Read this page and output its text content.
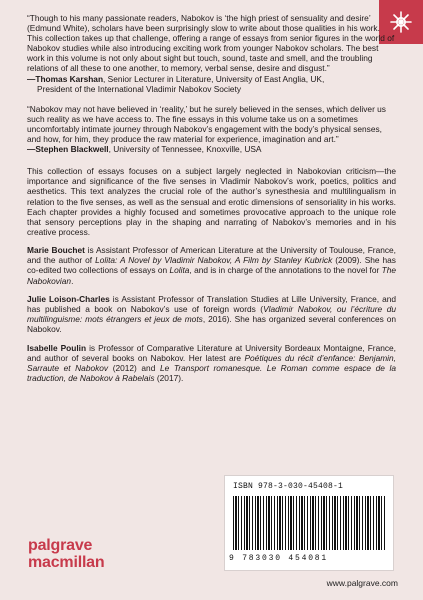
“Though to his many passionate readers, Nabokov is ‘the high priest of sensuality and desire’ (Edmund White), scholars have been surprisingly slow to write about those qualities in his work. This collection takes up that challenge, offering a range of essays from senior figures in the world of Nabokov studies while also introducing exciting work from younger Nabokov scholars. The best work in this volume is not only about sight but touch, sound, taste and smell, and the troubling relations of all these to one another, to memory, verbal sense, desire and disgust.”

—Thomas Karshan, Senior Lecturer in Literature, University of East Anglia, UK,
President of the International Vladimir Nabokov Society

“Nabokov may not have believed in ‘reality,’ but he surely believed in the senses, which deliver us such reality as we have access to. The fine essays in this volume take us on a sometimes uncomfortably intimate journey through Nabokov’s engagement with the body’s physical senses, and how, for him, they produce the raw material for experience, imagination and art.”

—Stephen Blackwell, University of Tennessee, Knoxville, USA

This collection of essays focuses on a subject largely neglected in Nabokovian criticism—the importance and significance of the five senses in Vladimir Nabokov’s work, poetics, politics and aesthetics. This text analyzes the crucial role of the author’s synesthesia and multilingualism in relation to the five senses, as well as the sensual and erotic dimensions of sensoriality in his works. Each chapter provides a highly focused and sometimes provocative approach to the unique role that sensory perceptions play in the shaping and narrating of Nabokov’s memories and in his creative process.

Marie Bouchet is Assistant Professor of American Literature at the University of Toulouse, France, and the author of Lolita: A Novel by Vladimir Nabokov, A Film by Stanley Kubrick (2009). She has co-edited two collections of essays on Lolita, and is in charge of the annotations to the novel for The Nabokovian.

Julie Loison-Charles is Assistant Professor of Translation Studies at Lille University, France, and has published a book on Nabokov’s use of foreign words (Vladimir Nabokov, ou l’écriture du multilinguisme: mots étrangers et jeux de mots, 2016). She has organized several conferences on Nabokov.

Isabelle Poulin is Professor of Comparative Literature at University Bordeaux Montaigne, France, and author of several books on Nabokov. Her latest are Poétiques du récit d’enfance: Benjamin, Sarraute et Nabokov (2012) and Le Transport romanesque. Le Roman comme espace de la traduction, de Nabokov à Rabelais (2017).

ISBN 978-3-030-45408-1
9 783030 454081
palgrave
macmillan
www.palgrave.com
